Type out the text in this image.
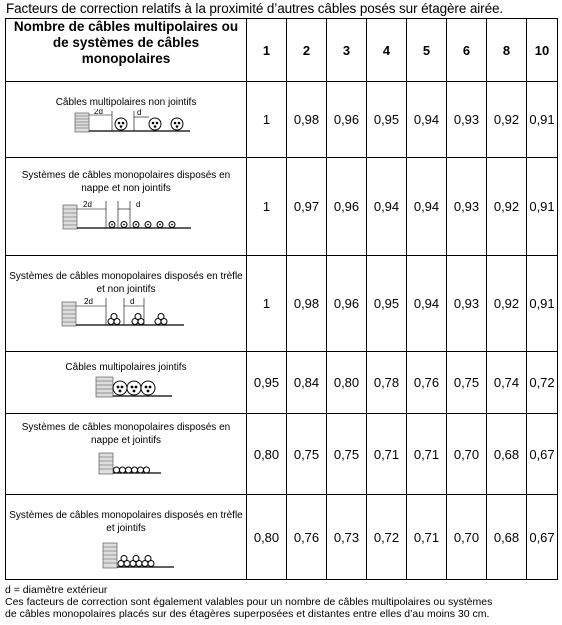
Facteurs de correction relatifs à la proximité d’autres câbles posés sur étagère airée.
Nombre de câbles multipolaires ou de systèmes de câbles monopolaires	1	2	3	4	5	6	8	10

Câbles multipolaires non jointifs
2d d	1	0,98	0,96	0,95	0,94	0,93	0,92	0,91

Systèmes de câbles monopolaires disposés en nappe et non jointifs
2d d	1	0,97	0,96	0,94	0,94	0,93	0,92	0,91

Systèmes de câbles monopolaires disposés en trèfle et non jointifs
2d d	1	0,98	0,96	0,95	0,94	0,93	0,92	0,91

Câbles multipolaires jointifs	0,95	0,84	0,80	0,78	0,76	0,75	0,74	0,72

Systèmes de câbles monopolaires disposés en nappe et jointifs	0,80	0,75	0,75	0,71	0,71	0,70	0,68	0,67

Systèmes de câbles monopolaires disposés en trèfle et jointifs	0,80	0,76	0,73	0,72	0,71	0,70	0,68	0,67
d = diamètre extérieur
Ces facteurs de correction sont également valables pour un nombre de câbles multipolaires ou systèmes
de câbles monopolaires placés sur des étagères superposées et distantes entre elles d’au moins 30 cm.
